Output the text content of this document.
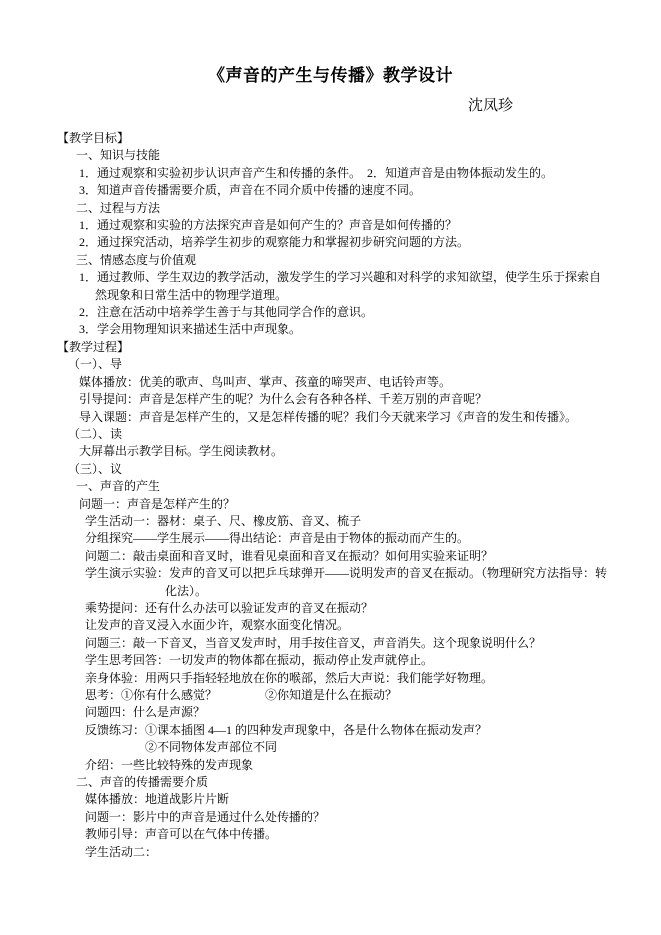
《声音的产生与传播》教学设计
沈凤珍
【教学目标】
一、知识与技能
1．通过观察和实验初步认识声音产生和传播的条件。　2．知道声音是由物体振动发生的。
3．知道声音传播需要介质，声音在不同介质中传播的速度不同。
二、过程与方法
1．通过观察和实验的方法探究声音是如何产生的？声音是如何传播的？
2．通过探究活动，培养学生初步的观察能力和掌握初步研究问题的方法。
三、情感态度与价值观
1．通过教师、学生双边的教学活动，激发学生的学习兴趣和对科学的求知欲望，使学生乐于探索自
然现象和日常生活中的物理学道理。
2．注意在活动中培养学生善于与其他同学合作的意识。
3．学会用物理知识来描述生活中声现象。
【教学过程】
（一）、导
媒体播放：优美的歌声、鸟叫声、掌声、孩童的啼哭声、电话铃声等。
引导提问：声音是怎样产生的呢？为什么会有各种各样、千差万别的声音呢？
导入课题：声音是怎样产生的，又是怎样传播的呢？我们今天就来学习《声音的发生和传播》。
（二）、读
大屏幕出示教学目标。学生阅读教材。
（三）、议
一、声音的产生
问题一：声音是怎样产生的？
学生活动一：器材：桌子、尺、橡皮筋、音叉、梳子
分组探究——学生展示——得出结论：声音是由于物体的振动而产生的。
问题二：敲击桌面和音叉时，谁看见桌面和音叉在振动？如何用实验来证明？
学生演示实验：发声的音叉可以把乒乓球弹开——说明发声的音叉在振动。（物理研究方法指导：转
化法）。
乘势提问：还有什么办法可以验证发声的音叉在振动？
让发声的音叉浸入水面少许，观察水面变化情况。
问题三：敲一下音叉，当音叉发声时，用手按住音叉，声音消失。这个现象说明什么？
学生思考回答：一切发声的物体都在振动，振动停止发声就停止。
亲身体验：用两只手指轻轻地放在你的喉部，然后大声说：我们能学好物理。
思考：①你有什么感觉？　　　　②你知道是什么在振动？
问题四：什么是声源？
反馈练习：①课本插图 4—1 的四种发声现象中，各是什么物体在振动发声？
②不同物体发声部位不同
介绍：一些比较特殊的发声现象
二、声音的传播需要介质
媒体播放：地道战影片片断
问题一：影片中的声音是通过什么处传播的？
教师引导：声音可以在气体中传播。
学生活动二：
